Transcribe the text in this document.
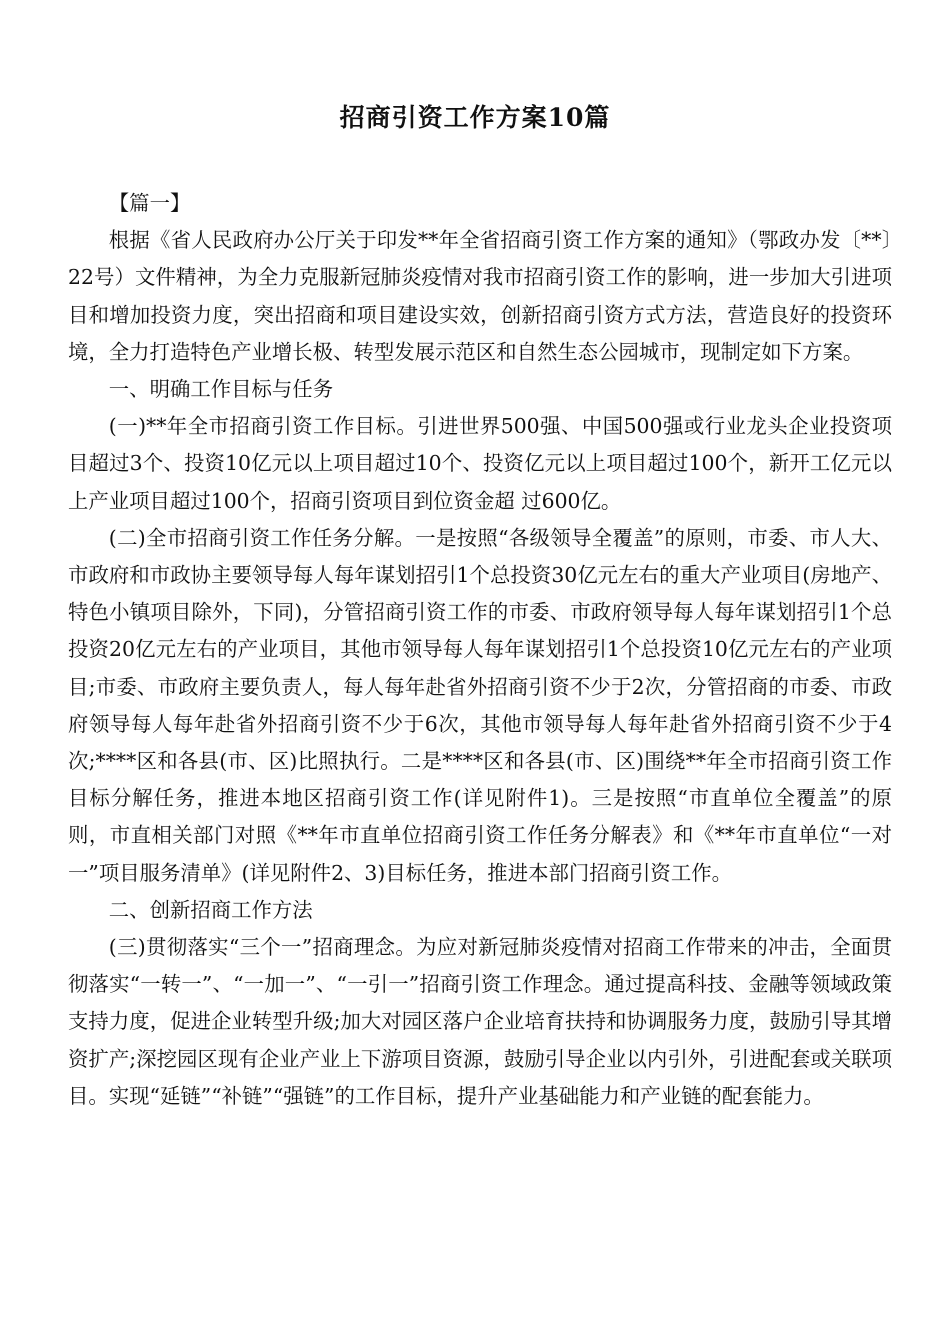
招商引资工作方案10篇

【篇一】

根据《省人民政府办公厅关于印发**年全省招商引资工作方案的通知》（鄂政办发〔**〕22号）文件精神，为全力克服新冠肺炎疫情对我市招商引资工作的影响，进一步加大引进项目和增加投资力度，突出招商和项目建设实效，创新招商引资方式方法，营造良好的投资环境，全力打造特色产业增长极、转型发展示范区和自然生态公园城市，现制定如下方案。

一、明确工作目标与任务

(一)**年全市招商引资工作目标。引进世界500强、中国500强或行业龙头企业投资项目超过3个、投资10亿元以上项目超过10个、投资亿元以上项目超过100个，新开工亿元以上产业项目超过100个，招商引资项目到位资金超 过600亿。

(二)全市招商引资工作任务分解。一是按照“各级领导全覆盖”的原则，市委、市人大、市政府和市政协主要领导每人每年谋划招引1个总投资30亿元左右的重大产业项目(房地产、特色小镇项目除外，下同)，分管招商引资工作的市委、市政府领导每人每年谋划招引1个总投资20亿元左右的产业项目，其他市领导每人每年谋划招引1个总投资10亿元左右的产业项目;市委、市政府主要负责人，每人每年赴省外招商引资不少于2次，分管招商的市委、市政府领导每人每年赴省外招商引资不少于6次，其他市领导每人每年赴省外招商引资不少于4次;****区和各县(市、区)比照执行。二是****区和各县(市、区)围绕**年全市招商引资工作目标分解任务，推进本地区招商引资工作(详见附件1)。三是按照“市直单位全覆盖”的原则，市直相关部门对照《**年市直单位招商引资工作任务分解表》和《**年市直单位“一对一”项目服务清单》(详见附件2、3)目标任务，推进本部门招商引资工作。

二、创新招商工作方法

(三)贯彻落实“三个一”招商理念。为应对新冠肺炎疫情对招商工作带来的冲击，全面贯彻落实“一转一”、“一加一”、“一引一”招商引资工作理念。通过提高科技、金融等领域政策支持力度，促进企业转型升级;加大对园区落户企业培育扶持和协调服务力度，鼓励引导其增资扩产;深挖园区现有企业产业上下游项目资源，鼓励引导企业以内引外，引进配套或关联项目。实现“延链”“补链”“强链”的工作目标，提升产业基础能力和产业链的配套能力。
